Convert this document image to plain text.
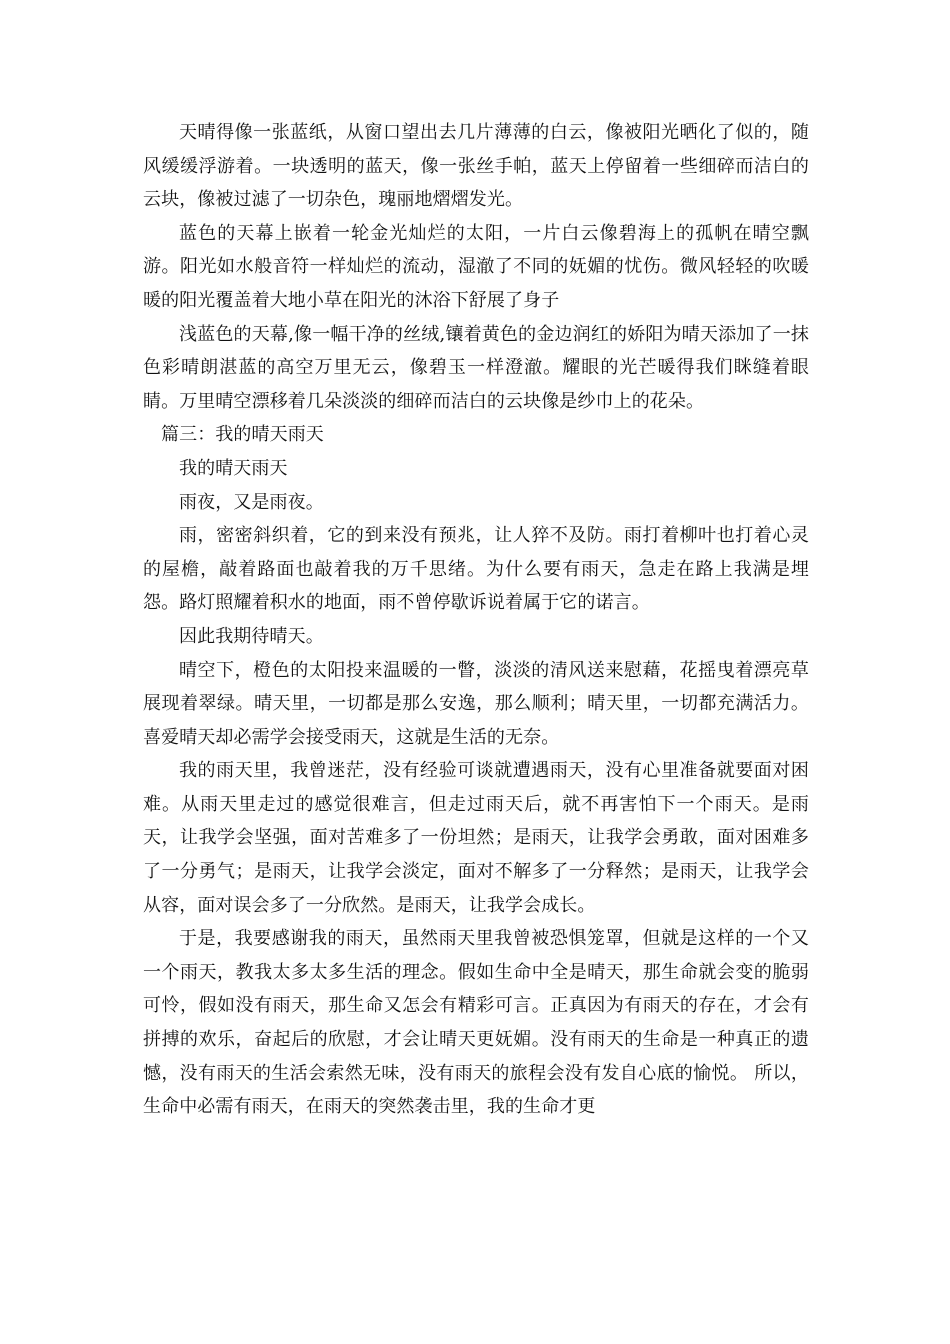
天晴得像一张蓝纸，从窗口望出去几片薄薄的白云，像被阳光晒化了似的，随风缓缓浮游着。一块透明的蓝天，像一张丝手帕，蓝天上停留着一些细碎而洁白的云块，像被过滤了一切杂色，瑰丽地熠熠发光。

蓝色的天幕上嵌着一轮金光灿烂的太阳，一片白云像碧海上的孤帆在晴空飘游。阳光如水般音符一样灿烂的流动，湿澈了不同的妩媚的忧伤。微风轻轻的吹暖暖的阳光覆盖着大地小草在阳光的沐浴下舒展了身子

浅蓝色的天幕,像一幅干净的丝绒,镶着黄色的金边润红的娇阳为晴天添加了一抹色彩晴朗湛蓝的高空万里无云，像碧玉一样澄澈。耀眼的光芒暖得我们眯缝着眼睛。万里晴空漂移着几朵淡淡的细碎而洁白的云块像是纱巾上的花朵。

篇三：我的晴天雨天

我的晴天雨天

雨夜，又是雨夜。

雨，密密斜织着，它的到来没有预兆，让人猝不及防。雨打着柳叶也打着心灵的屋檐，敲着路面也敲着我的万千思绪。为什么要有雨天，急走在路上我满是埋怨。路灯照耀着积水的地面，雨不曾停歇诉说着属于它的诺言。

因此我期待晴天。

晴空下，橙色的太阳投来温暖的一瞥，淡淡的清风送来慰藉，花摇曳着漂亮草展现着翠绿。晴天里，一切都是那么安逸，那么顺利；晴天里，一切都充满活力。 喜爱晴天却必需学会接受雨天，这就是生活的无奈。

我的雨天里，我曾迷茫，没有经验可谈就遭遇雨天，没有心里准备就要面对困难。从雨天里走过的感觉很难言，但走过雨天后，就不再害怕下一个雨天。是雨天，让我学会坚强，面对苦难多了一份坦然；是雨天，让我学会勇敢，面对困难多了一分勇气；是雨天，让我学会淡定，面对不解多了一分释然；是雨天，让我学会从容，面对误会多了一分欣然。是雨天，让我学会成长。

于是，我要感谢我的雨天，虽然雨天里我曾被恐惧笼罩，但就是这样的一个又一个雨天，教我太多太多生活的理念。假如生命中全是晴天，那生命就会变的脆弱可怜，假如没有雨天，那生命又怎会有精彩可言。正真因为有雨天的存在，才会有拼搏的欢乐，奋起后的欣慰，才会让晴天更妩媚。没有雨天的生命是一种真正的遗憾，没有雨天的生活会索然无味，没有雨天的旅程会没有发自心底的愉悦。 所以，生命中必需有雨天，在雨天的突然袭击里，我的生命才更
